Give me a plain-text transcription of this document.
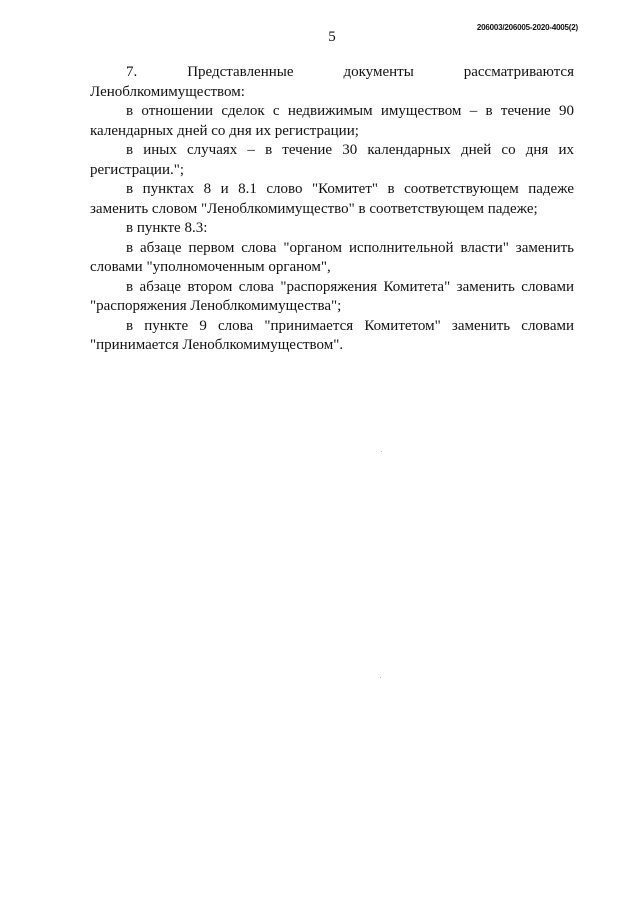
5
206003/206005-2020-4005(2)

7. Представленные документы рассматриваются Леноблкомимуществом:

в отношении сделок с недвижимым имуществом – в течение 90 календарных дней со дня их регистрации;

в иных случаях – в течение 30 календарных дней со дня их регистрации.";

в пунктах 8 и 8.1 слово "Комитет" в соответствующем падеже заменить словом "Леноблкомимущество" в соответствующем падеже;

в пункте 8.3:

в абзаце первом слова "органом исполнительной власти" заменить словами "уполномоченным органом",

в абзаце втором слова "распоряжения Комитета" заменить словами "распоряжения Леноблкомимущества";

в пункте 9 слова "принимается Комитетом" заменить словами "принимается Леноблкомимуществом".
